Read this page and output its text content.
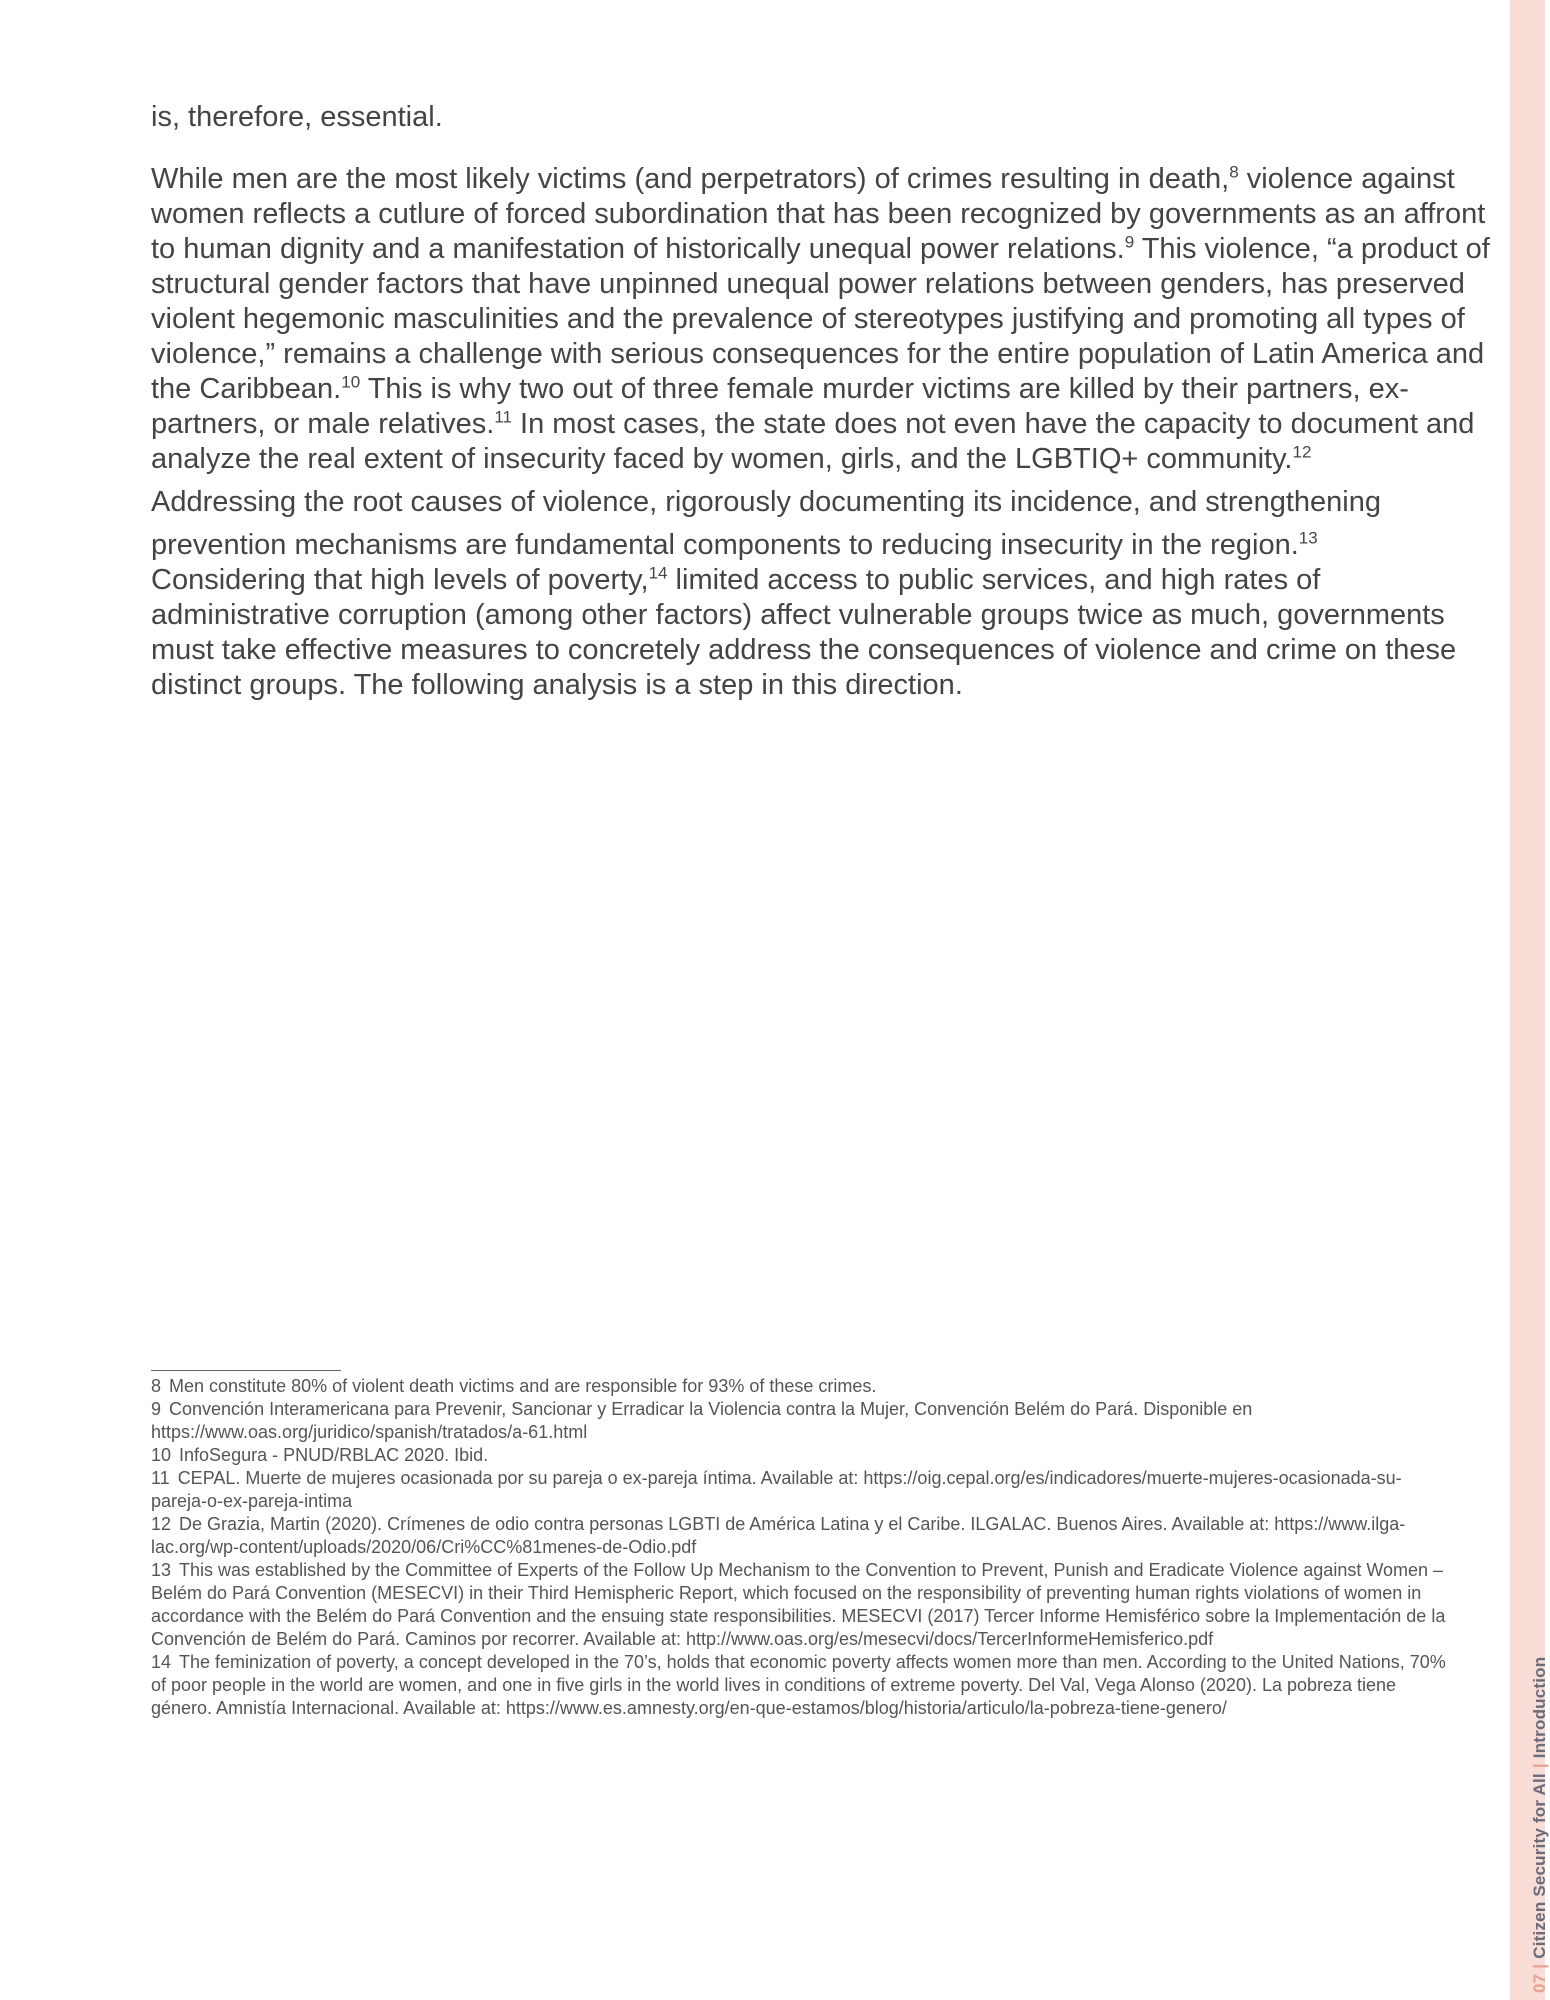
is, therefore, essential.

While men are the most likely victims (and perpetrators) of crimes resulting in death,$^8$ violence against women reflects a cutlure of forced subordination that has been recognized by governments as an affront to human dignity and a manifestation of historically unequal power relations.$^9$ This violence, “a product of structural gender factors that have unpinned unequal power relations between genders, has preserved violent hegemonic masculinities and the prevalence of stereotypes justifying and promoting all types of violence,” remains a challenge with serious consequences for the entire population of Latin America and the Caribbean.$^{10}$ This is why two out of three female murder victims are killed by their partners, ex-partners, or male relatives.$^{11}$ In most cases, the state does not even have the capacity to document and analyze the real extent of insecurity faced by women, girls, and the LGBTIQ+ community.$^{12}$

Addressing the root causes of violence, rigorously documenting its incidence, and strengthening

prevention mechanisms are fundamental components to reducing insecurity in the region.$^{13}$
Considering that high levels of poverty,$^{14}$ limited access to public services, and high rates of administrative corruption (among other factors) affect vulnerable groups twice as much, governments must take effective measures to concretely address the consequences of violence and crime on these distinct groups. The following analysis is a step in this direction.

8 Men constitute 80% of violent death victims and are responsible for 93% of these crimes.

9 Convención Interamericana para Prevenir, Sancionar y Erradicar la Violencia contra la Mujer, Convención Belém do Pará. Disponible en https://www.oas.org/juridico/spanish/tratados/a-61.html

10 InfoSegura - PNUD/RBLAC 2020. Ibid.

11 CEPAL. Muerte de mujeres ocasionada por su pareja o ex-pareja íntima. Available at: https://oig.cepal.org/es/indicadores/muerte-mujeres-ocasionada-su-pareja-o-ex-pareja-intima

12 De Grazia, Martin (2020). Crímenes de odio contra personas LGBTI de América Latina y el Caribe. ILGALAC. Buenos Aires. Available at: https://www.ilga-lac.org/wp-content/uploads/2020/06/Cri%CC%81menes-de-Odio.pdf

13 This was established by the Committee of Experts of the Follow Up Mechanism to the Convention to Prevent, Punish and Eradicate Violence against Women – Belém do Pará Convention (MESECVI) in their Third Hemispheric Report, which focused on the responsibility of preventing human rights violations of women in accordance with the Belém do Pará Convention and the ensuing state responsibilities. MESECVI (2017) Tercer Informe Hemisférico sobre la Implementación de la Convención de Belém do Pará. Caminos por recorrer. Available at: http://www.oas.org/es/mesecvi/docs/TercerInformeHemisferico.pdf

14 The feminization of poverty, a concept developed in the 70’s, holds that economic poverty affects women more than men. According to the United Nations, 70% of poor people in the world are women, and one in five girls in the world lives in conditions of extreme poverty. Del Val, Vega Alonso (2020). La pobreza tiene género. Amnistía Internacional. Available at: https://www.es.amnesty.org/en-que-estamos/blog/historia/articulo/la-pobreza-tiene-genero/

07|Citizen Security for All|Introduction
